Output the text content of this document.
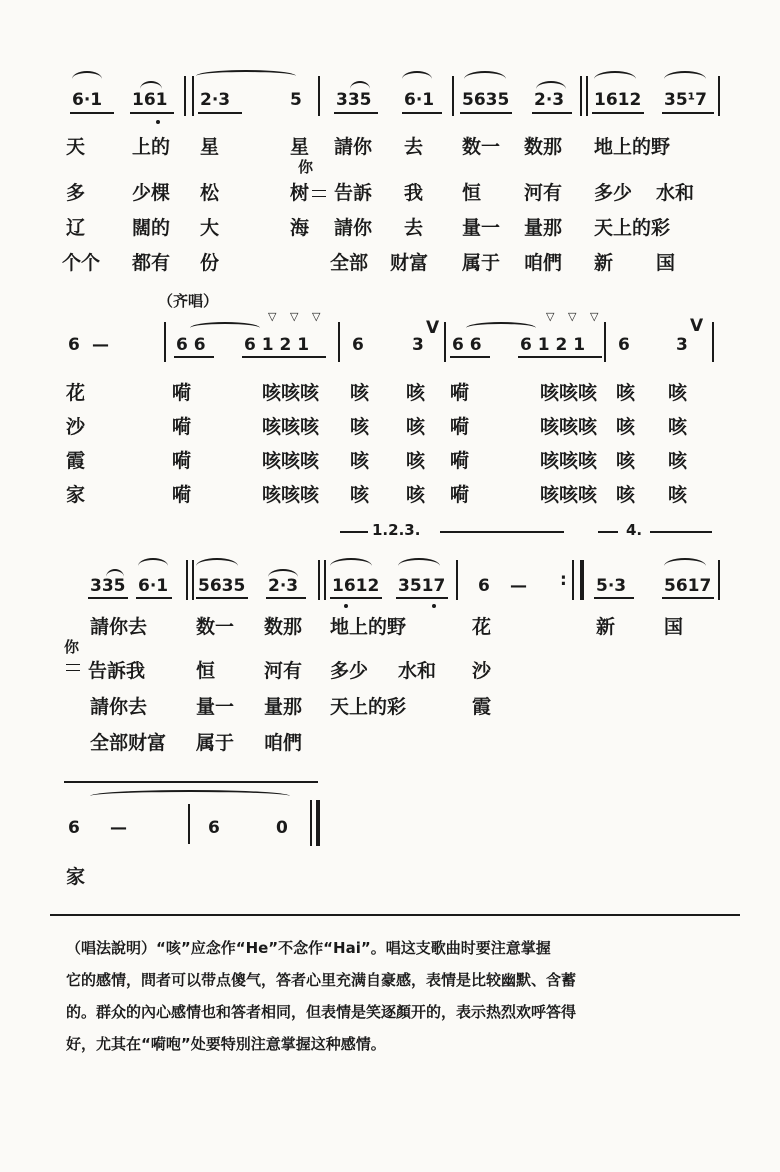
6·1 161 2·3	5 335 6·1 5635 2·3 1612 35¹7
天 上的 星	星 請你 去 数一 数那 地上的野
你
多 少棵 松	树 告訴 我 恒 河有 多少 水和
辽 闊的 大	海 請你 去 量一 量那 天上的彩
个个 都有 份	全部 财富 属于 咱們 新 国
（齐唱）
▽ ▽ ▽	▽ ▽ ▽
6 —	6 6 6 1 2 1	6	3
V
6 6 6 1 2 1 6	3
V
花	嗬	咳咳咳 咳 咳 嗬	咳咳咳 咳 咳
沙	嗬	咳咳咳 咳 咳 嗬	咳咳咳 咳 咳
霞	嗬	咳咳咳 咳 咳 嗬	咳咳咳 咳 咳
家	嗬	咳咳咳 咳 咳 嗬	咳咳咳 咳 咳
1.2.3.	4.
335 6·1 5635 2·3 1612 3517 6 — : 5·3 5617
請你去	数一 数那 地上的野	花	新	国
你
告訴我	恒	河有 多少 水和 沙
請你去	量一 量那 天上的彩	霞
全部财富 属于 咱們
6 —	6	0
家
（唱法說明）“咳”应念作“He”不念作“Hai”。唱这支歌曲时要注意掌握
它的感情，問者可以带点傻气，答者心里充满自豪感，表情是比较幽默、含蓄
的。群众的內心感情也和答者相同，但表情是笑逐顏开的，表示热烈欢呼答得
好，尤其在“嗬咆”处要特別注意掌握这种感情。
